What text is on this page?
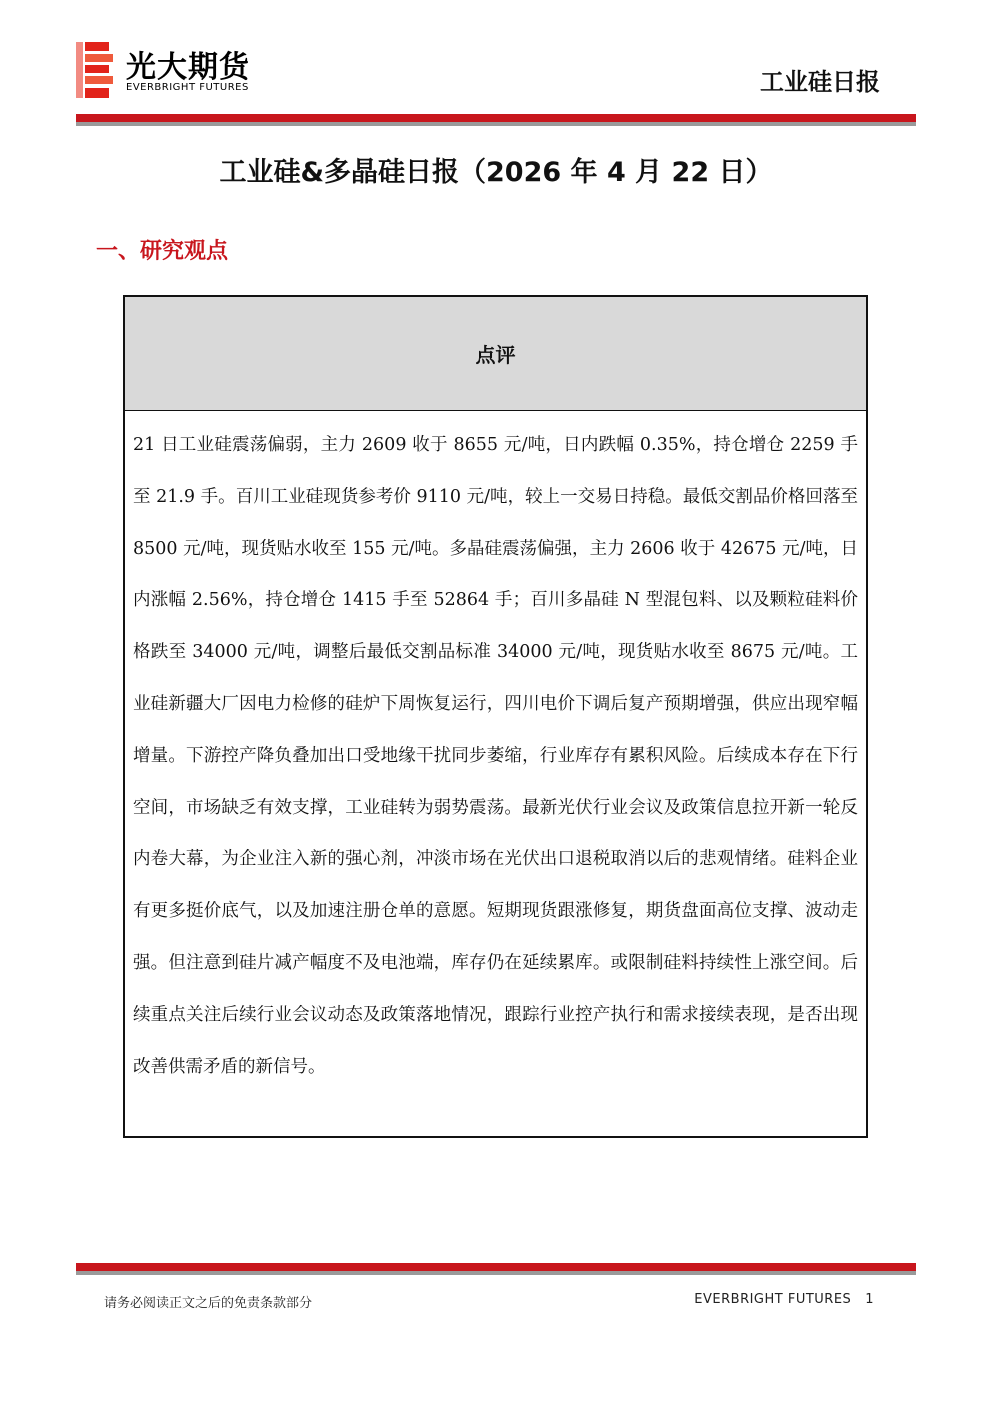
光大期货
EVERBRIGHT FUTURES	工业硅日报
工业硅&多晶硅日报（2026 年 4 月 22 日）
一、研究观点
点评
21 日工业硅震荡偏弱，主力 2609 收于 8655 元/吨，日内跌幅 0.35%，持仓增仓 2259 手至 21.9 手。百川工业硅现货参考价 9110 元/吨，较上一交易日持稳。最低交割品价格回落至 8500 元/吨，现货贴水收至 155 元/吨。多晶硅震荡偏强，主力 2606 收于 42675 元/吨，日内涨幅 2.56%，持仓增仓 1415 手至 52864 手；百川多晶硅 N 型混包料、以及颗粒硅料价格跌至 34000 元/吨，调整后最低交割品标准 34000 元/吨，现货贴水收至 8675 元/吨。工业硅新疆大厂因电力检修的硅炉下周恢复运行，四川电价下调后复产预期增强，供应出现窄幅增量。下游控产降负叠加出口受地缘干扰同步萎缩，行业库存有累积风险。后续成本存在下行空间，市场缺乏有效支撑，工业硅转为弱势震荡。最新光伏行业会议及政策信息拉开新一轮反内卷大幕，为企业注入新的强心剂，冲淡市场在光伏出口退税取消以后的悲观情绪。硅料企业有更多挺价底气，以及加速注册仓单的意愿。短期现货跟涨修复，期货盘面高位支撑、波动走强。但注意到硅片减产幅度不及电池端，库存仍在延续累库。或限制硅料持续性上涨空间。后续重点关注后续行业会议动态及政策落地情况，跟踪行业控产执行和需求接续表现，是否出现改善供需矛盾的新信号。
请务必阅读正文之后的免责条款部分	EVERBRIGHT FUTURES 1
